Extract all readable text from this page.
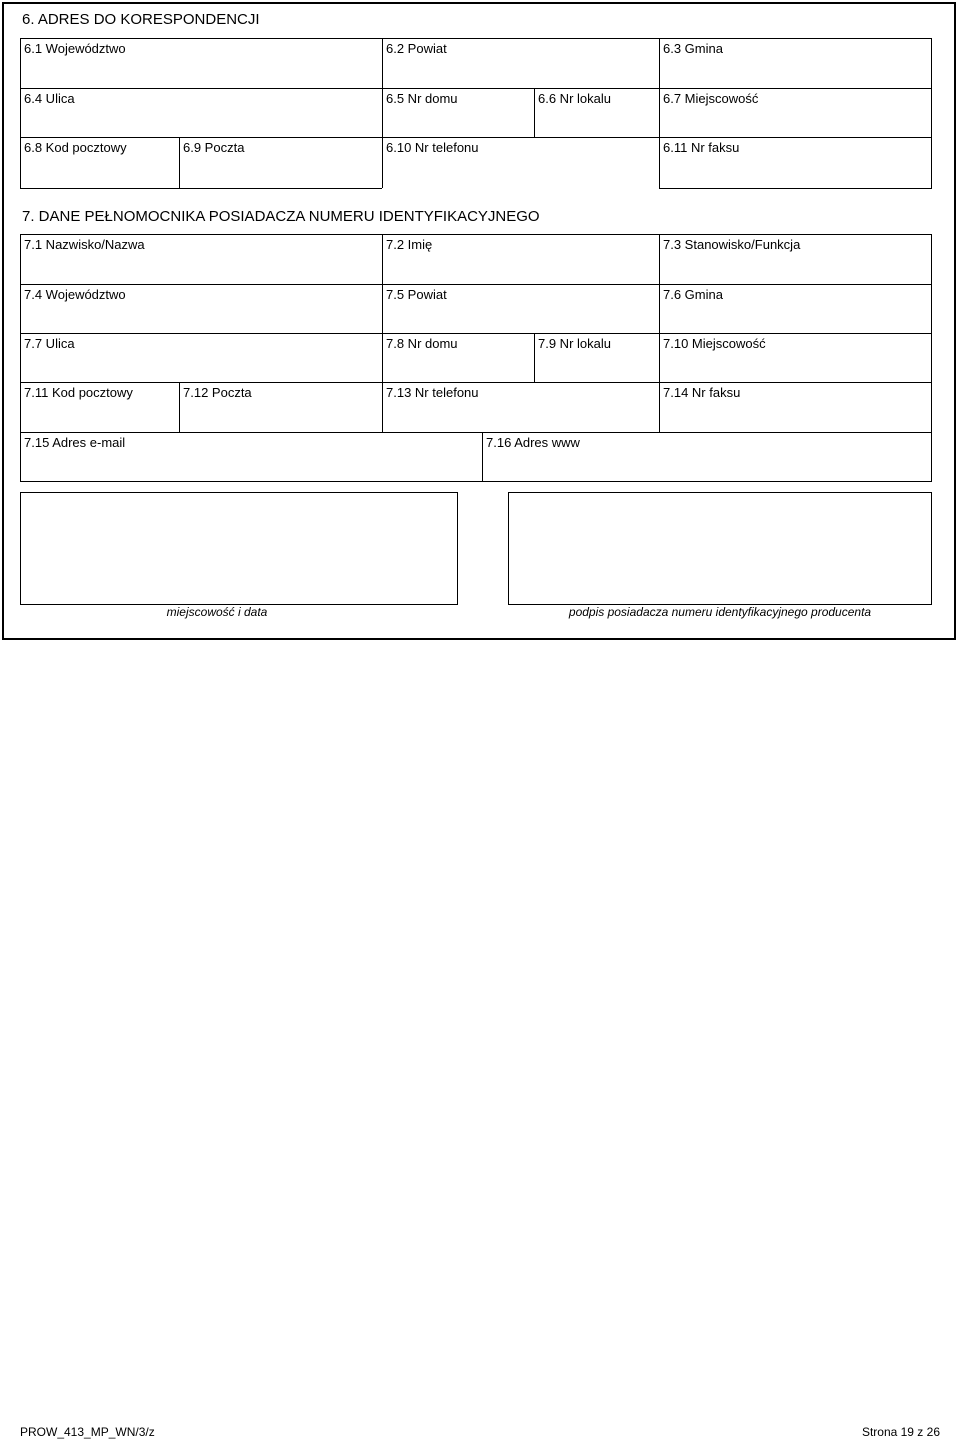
6. ADRES DO KORESPONDENCJI
6.1 Województwo	6.2 Powiat	6.3 Gmina
6.4 Ulica	6.5 Nr domu	6.6 Nr lokalu	6.7 Miejscowość
6.8 Kod pocztowy	6.9 Poczta	6.10 Nr telefonu	6.11 Nr faksu
7. DANE PEŁNOMOCNIKA POSIADACZA NUMERU IDENTYFIKACYJNEGO
7.1 Nazwisko/Nazwa	7.2 Imię	7.3 Stanowisko/Funkcja
7.4 Województwo	7.5 Powiat	7.6 Gmina
7.7 Ulica	7.8 Nr domu	7.9 Nr lokalu	7.10 Miejscowość
7.11 Kod pocztowy	7.12 Poczta	7.13 Nr telefonu	7.14 Nr faksu
7.15 Adres e-mail	7.16 Adres www
miejscowość i data	podpis posiadacza numeru identyfikacyjnego producenta
PROW_413_MP_WN/3/z	Strona 19 z 26
